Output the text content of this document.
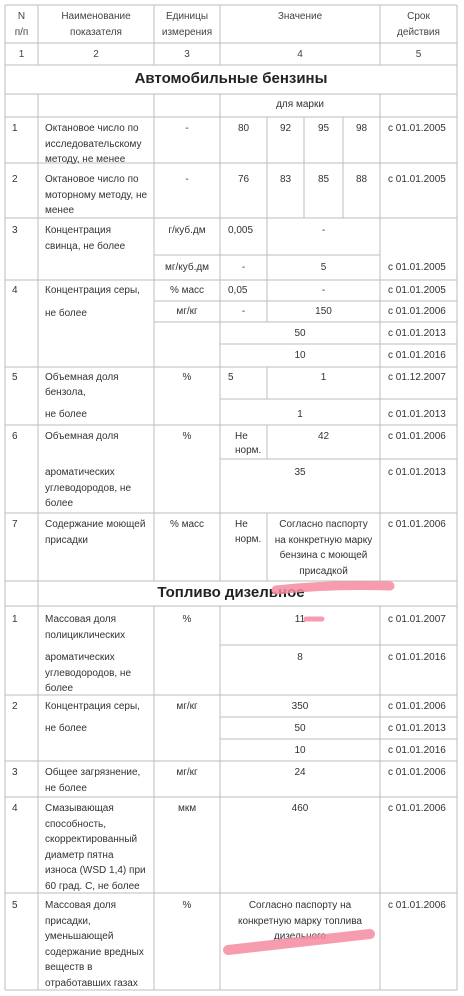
N
п/п
Наименование
показателя
Единицы
измерения
Значение	Срок
действия
1	2	3	4	5
Автомобильные бензины
для марки
1	Октановое число по
исследовательскому
методу, не менее
-	80	92	95	98	с 01.01.2005
2	Октановое число по
моторному методу, не
менее
-	76	83	85	88	с 01.01.2005
3	Концентрация
свинца, не более
г/куб.дм	0,005	-
мг/куб.дм	-	5	с 01.01.2005
4	Концентрация серы,
не более
% масс	0,05	-	с 01.01.2005
мг/кг	-	150	с 01.01.2006
50	с 01.01.2013
10	с 01.01.2016
5	Объемная доля
бензола,
не более
%	5	1	с 01.12.2007
1	с 01.01.2013
6	Объемная доля
ароматических
углеводородов, не
более
%	Не
норм.
42	с 01.01.2006
35	с 01.01.2013
7	Содержание моющей
присадки
% масс	Не
норм.
Согласно паспорту
на конкретную марку
бензина с моющей
присадкой
с 01.01.2006
Топливо дизельное
1	Массовая доля
полициклических
ароматических
углеводородов, не
более
%	11	с 01.01.2007
8	с 01.01.2016
2	Концентрация серы,
не более
мг/кг	350	с 01.01.2006
50	с 01.01.2013
10	с 01.01.2016
3	Общее загрязнение,
не более
мг/кг	24	с 01.01.2006
4	Смазывающая
способность,
скорректированный
диаметр пятна
износа (WSD 1,4) при
60 град. С, не более
мкм	460	с 01.01.2006
5	Массовая доля
присадки,
уменьшающей
содержание вредных
веществ в
отработавших газах
%	Согласно паспорту на
конкретную марку топлива
дизельного
с 01.01.2006
